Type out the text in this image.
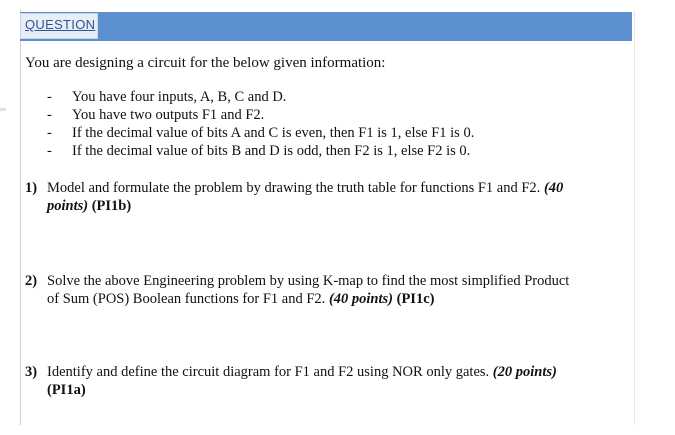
QUESTION
You are designing a circuit for the below given information:
- You have four inputs, A, B, C and D.
- You have two outputs F1 and F2.
- If the decimal value of bits A and C is even, then F1 is 1, else F1 is 0.
- If the decimal value of bits B and D is odd, then F2 is 1, else F2 is 0.
1) Model and formulate the problem by drawing the truth table for functions F1 and F2. (40
points) (PI1b)
2) Solve the above Engineering problem by using K-map to find the most simplified Product
of Sum (POS) Boolean functions for F1 and F2. (40 points) (PI1c)
3) Identify and define the circuit diagram for F1 and F2 using NOR only gates. (20 points)
(PI1a)
